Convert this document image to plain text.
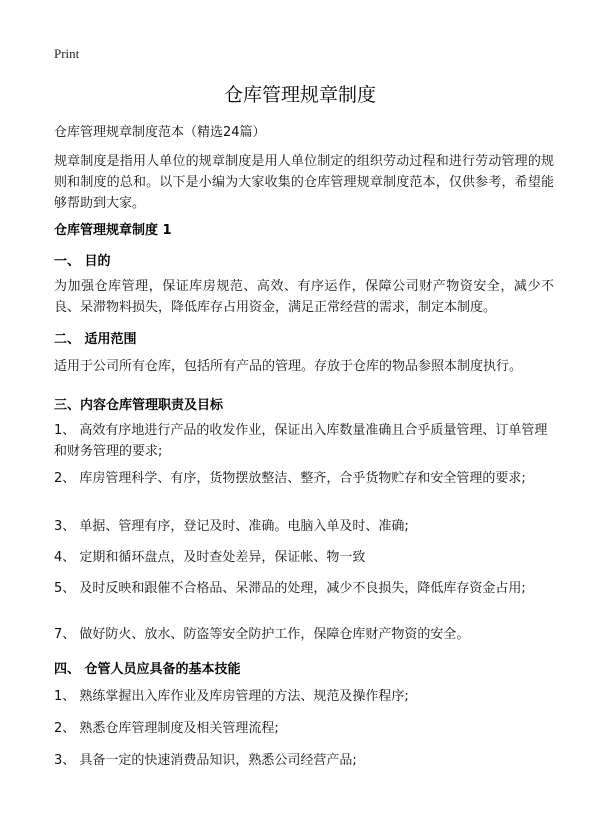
Print
仓库管理规章制度
仓库管理规章制度范本（精选24篇）
规章制度是指用人单位的规章制度是用人单位制定的组织劳动过程和进行劳动管理的规则和制度的总和。以下是小编为大家收集的仓库管理规章制度范本，仅供参考，希望能够帮助到大家。
仓库管理规章制度 1
一、 目的
为加强仓库管理，保证库房规范、高效、有序运作，保障公司财产物资安全，减少不良、呆滞物料损失，降低库存占用资金，满足正常经营的需求，制定本制度。
二、 适用范围
适用于公司所有仓库，包括所有产品的管理。存放于仓库的物品参照本制度执行。
三、内容仓库管理职责及目标
1、 高效有序地进行产品的收发作业，保证出入库数量准确且合乎质量管理、订单管理和财务管理的要求;
2、 库房管理科学、有序，货物摆放整洁、整齐，合乎货物贮存和安全管理的要求;
3、 单据、管理有序，登记及时、准确。电脑入单及时、准确;
4、 定期和循环盘点，及时查处差异，保证帐、物一致
5、 及时反映和跟催不合格品、呆滞品的处理，减少不良损失，降低库存资金占用;
7、 做好防火、放水、防盗等安全防护工作，保障仓库财产物资的安全。
四、 仓管人员应具备的基本技能
1、 熟练掌握出入库作业及库房管理的方法、规范及操作程序;
2、 熟悉仓库管理制度及相关管理流程;
3、 具备一定的快速消费品知识，熟悉公司经营产品;
